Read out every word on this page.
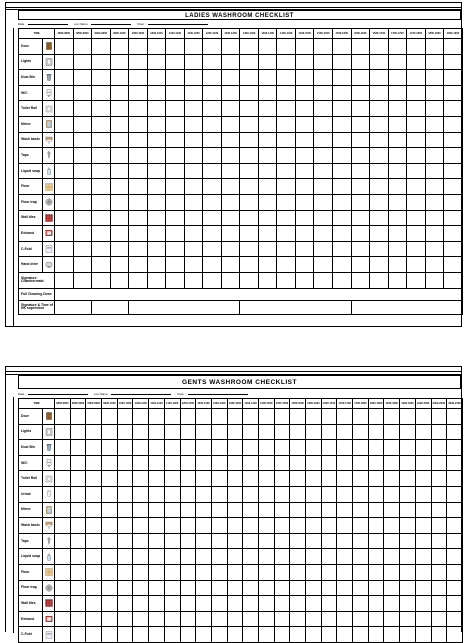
LADIES WASHROOM CHECKLIST
Date :	Loc Name :	Floor :
TIME		0800-0830	0830-0900	0900-0930	0930-1000	1000-1030	1030-1100	1100-1130	1130-1200	1200-1230	1230-1300	1300-1330	1330-1400	1400-1430	1430-1500	1500-1530	1530-1600	1600-1630	1630-1700	1700-1730	1730-1800	1800-1830	1830-1900
Door	

Lights	

Dust Bin	

W/C	

Toilet Roll	

Mirror	

Wash basin	

Taps	

Liquid soap	

Floor	

Floor trap	

Wall tiles	

Exhaust	

C-Fold	

Hand drier	

Signature Chambermaid																							
Full Cleaning Done																							
Signature & Time of HK supervisor																							
GENTS WASHROOM CHECKLIST
Date :	Loc Name :	Floor :
TIME		0800-0830	0830-0900	0900-0930	0930-1000	1000-1030	1030-1100	1100-1130	1130-1200	1200-1230	1230-1300	1300-1330	1330-1400	1400-1430	1430-1500	1500-1530	1530-1600	1600-1630	1630-1700	1700-1730	1730-1800	1800-1830	1830-1900	1900-1930	1930-2000	2000-2030	2030-2100
Door	

Lights	

Dust Bin	

W/C	

Toilet Roll	

Urinal	

Mirror	

Wash basin	

Taps	

Liquid soap	

Floor	

Floor trap	

Wall tiles	

Exhaust	

C-Fold	
